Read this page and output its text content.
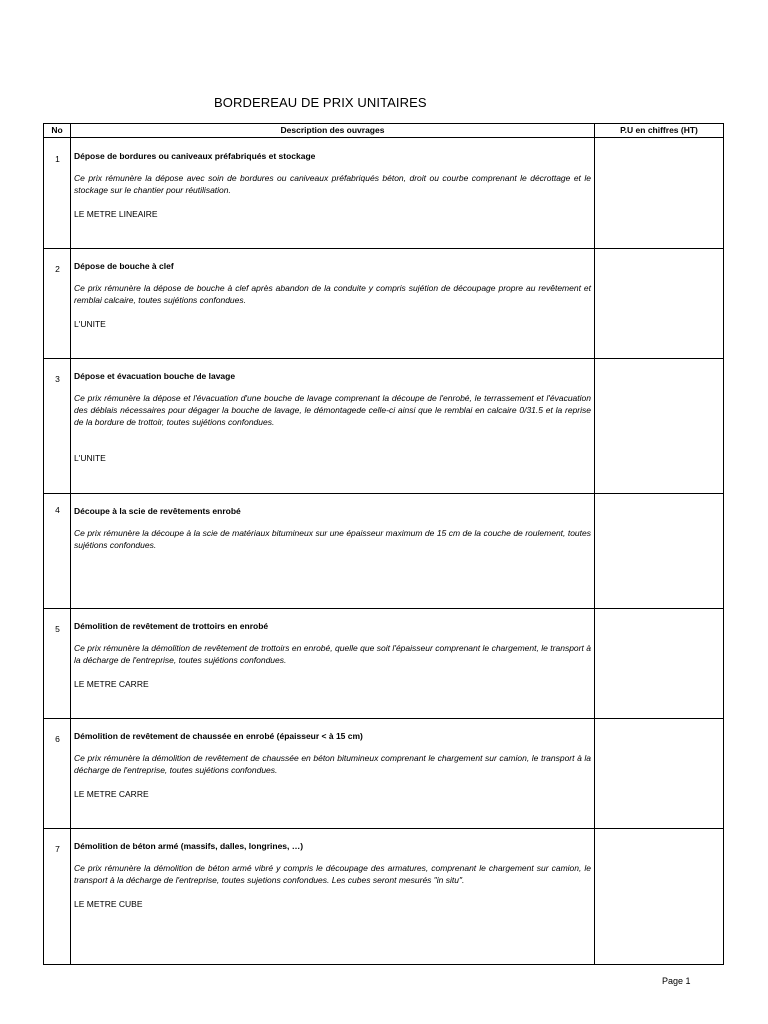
BORDEREAU DE PRIX UNITAIRES
No	Description des ouvrages	P.U en chiffres (HT)
1	Dépose de bordures ou caniveaux préfabriqués et stockage

Ce prix rémunère la dépose avec soin de bordures ou caniveaux préfabriqués béton, droit ou courbe comprenant le décrottage et le stockage sur le chantier pour réutilisation.

LE METRE LINEAIRE

2	Dépose de bouche à clef

Ce prix rémunère la dépose de bouche à clef après abandon de la conduite y compris sujétion de découpage propre au revêtement et remblai calcaire, toutes sujétions confondues.

L'UNITE

3	Dépose et évacuation bouche de lavage

Ce prix rémunère la dépose et l'évacuation d'une bouche de lavage comprenant la découpe de l'enrobé, le terrassement et l'évacuation des déblais nécessaires pour dégager la bouche de lavage, le démontagede celle-ci ainsi que le remblai en calcaire 0/31.5 et la reprise de la bordure de trottoir, toutes sujétions confondues.

L'UNITE

4	Découpe à la scie de revêtements enrobé

Ce prix rémunère la découpe à la scie de matériaux bitumineux sur une épaisseur maximum de 15 cm de la couche de roulement, toutes sujétions confondues.

5	Démolition de revêtement de trottoirs en enrobé

Ce prix rémunère la démolition de revêtement de trottoirs en enrobé, quelle que soit l'épaisseur comprenant le chargement, le transport à la décharge de l'entreprise, toutes sujétions confondues.

LE METRE CARRE

6	Démolition de revêtement de chaussée en enrobé (épaisseur < à 15 cm)

Ce prix rémunère la démolition de revêtement de chaussée en béton bitumineux comprenant le chargement sur camion, le transport à la décharge de l'entreprise, toutes sujétions confondues.

LE METRE CARRE

7	Démolition de béton armé (massifs, dalles, longrines, …)

Ce prix rémunère la démolition de béton armé vibré y compris le découpage des armatures, comprenant le chargement sur camion, le transport à la décharge de l'entreprise, toutes sujetions confondues. Les cubes seront mesurés "in situ".

LE METRE CUBE

Page 1
